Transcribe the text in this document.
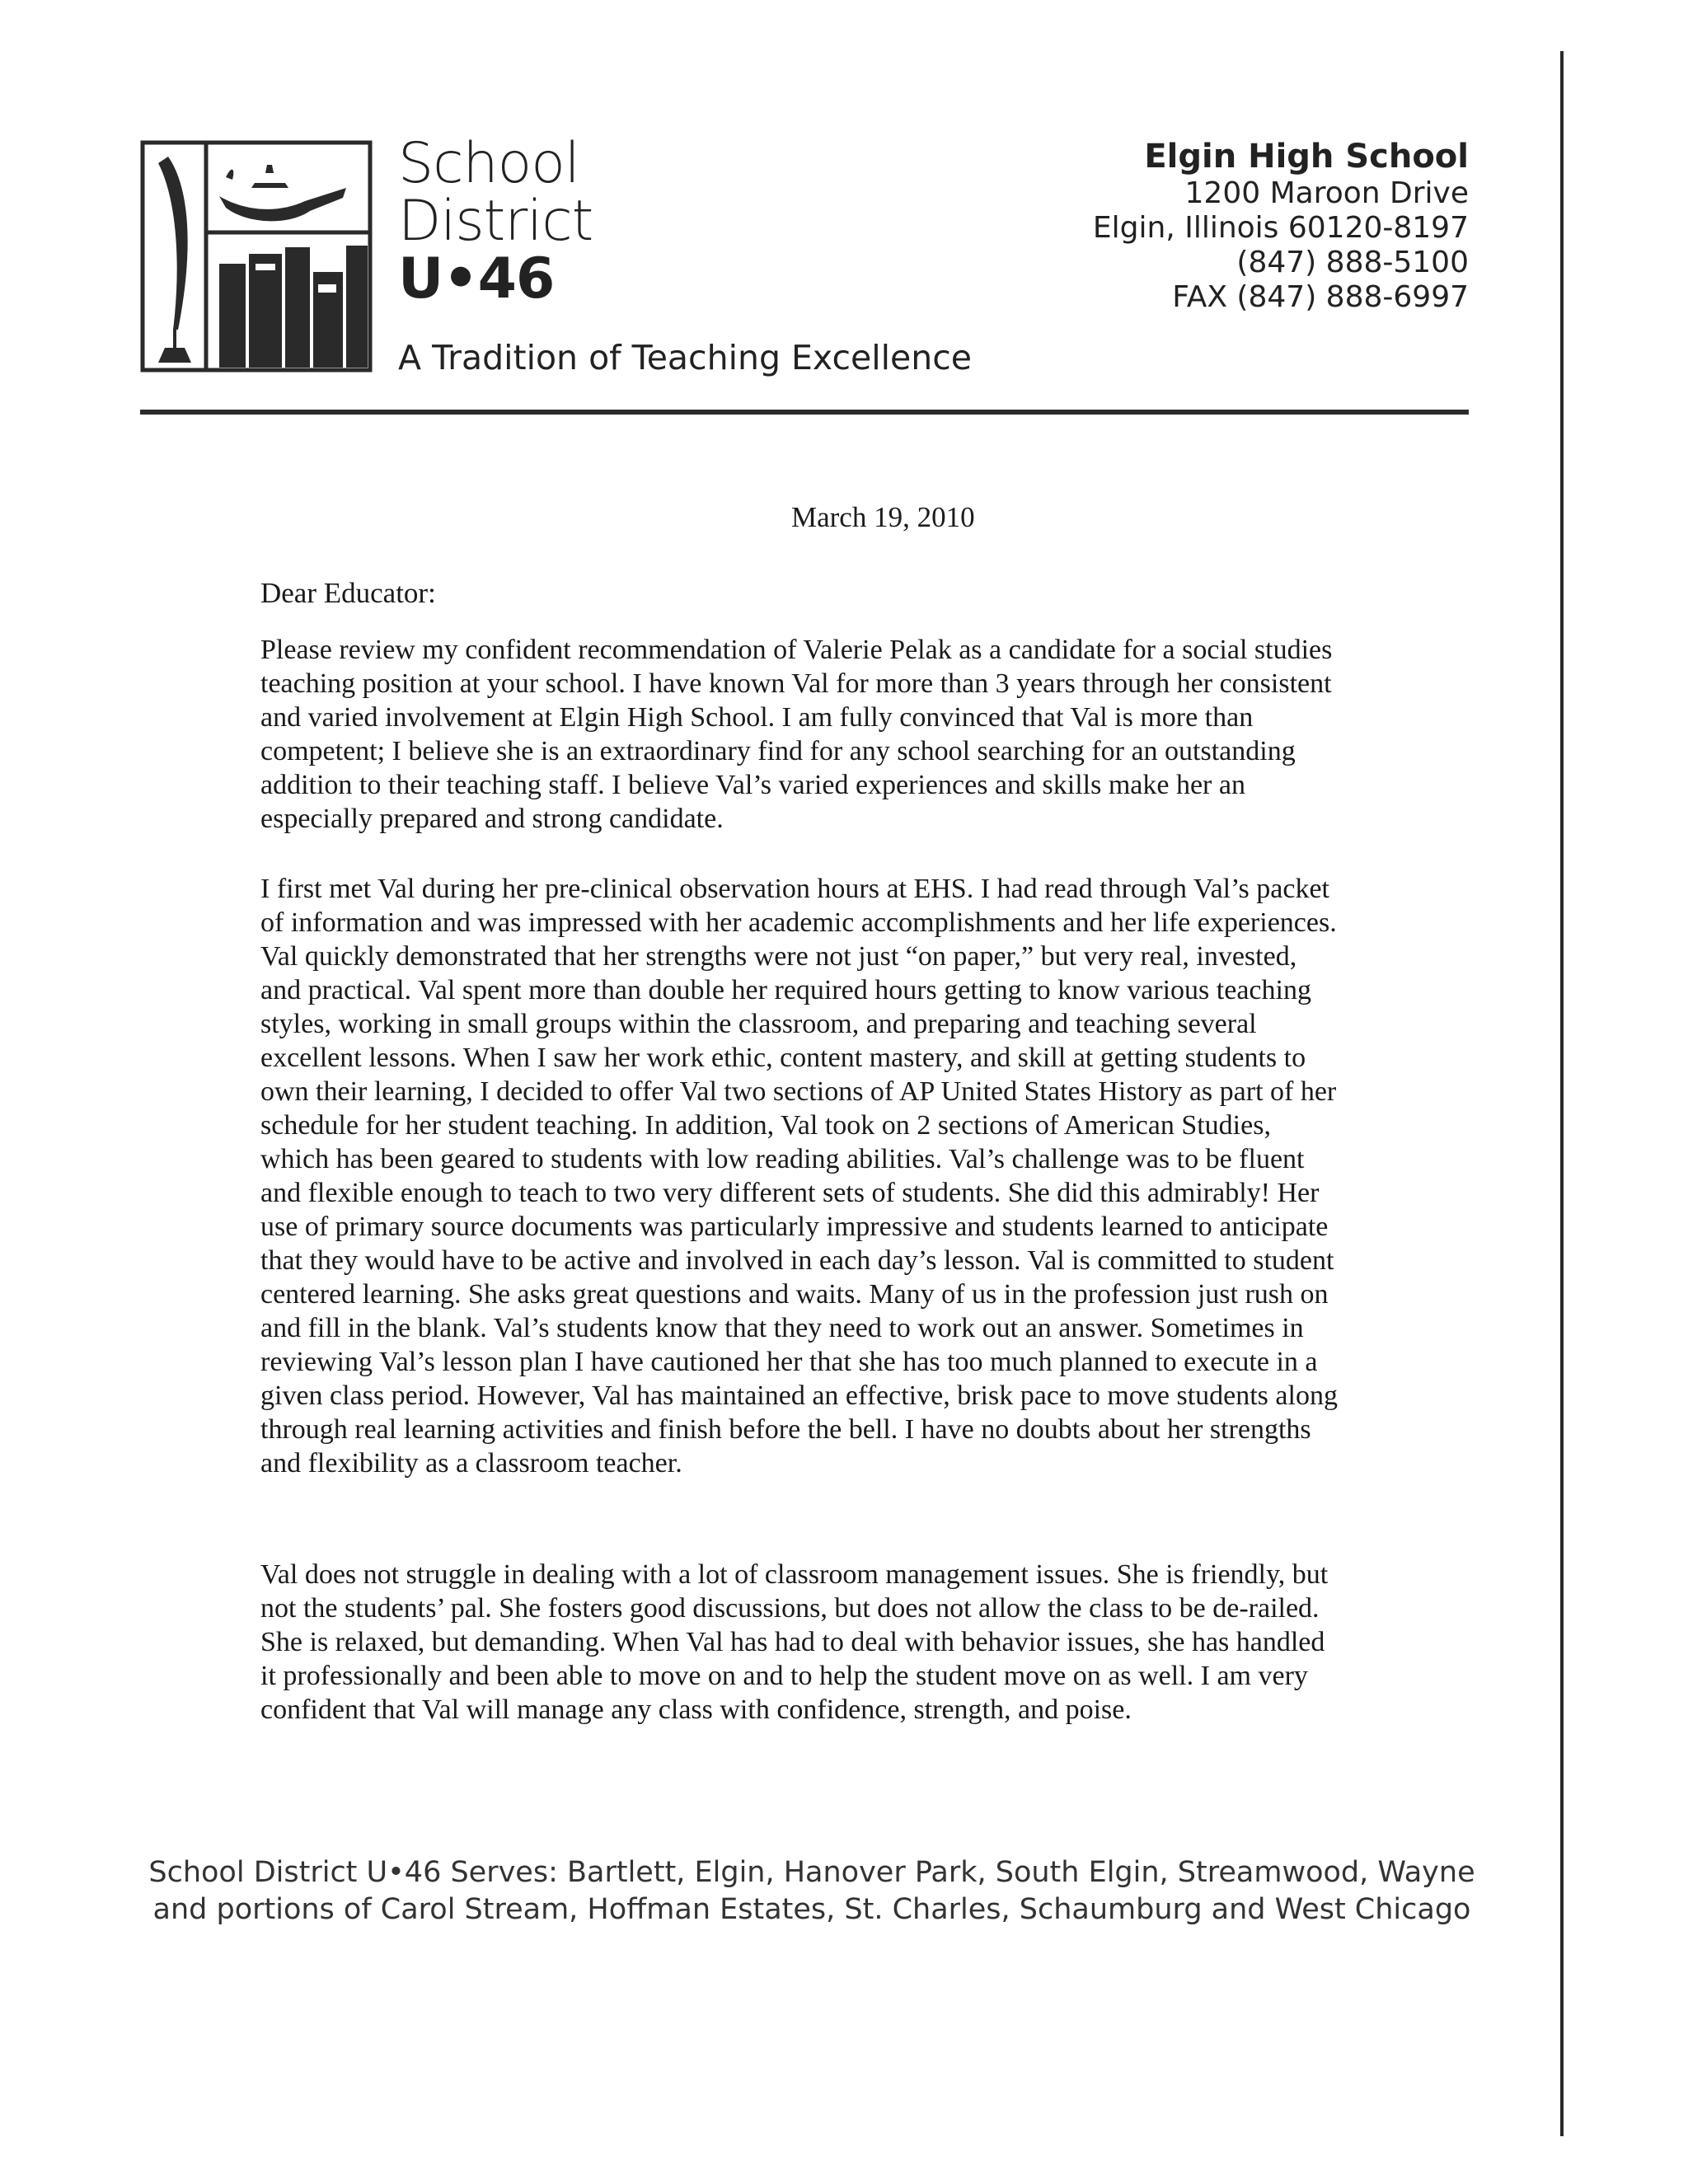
School
District
U•46
A Tradition of Teaching Excellence
Elgin High School
1200 Maroon Drive
Elgin, Illinois 60120-8197
(847) 888-5100
FAX (847) 888-6997
March 19, 2010
Dear Educator:
Please review my confident recommendation of Valerie Pelak as a candidate for a social studies teaching position at your school. I have known Val for more than 3 years through her consistent and varied involvement at Elgin High School. I am fully convinced that Val is more than competent; I believe she is an extraordinary find for any school searching for an outstanding addition to their teaching staff. I believe Val’s varied experiences and skills make her an especially prepared and strong candidate.
I first met Val during her pre-clinical observation hours at EHS. I had read through Val’s packet of information and was impressed with her academic accomplishments and her life experiences. Val quickly demonstrated that her strengths were not just “on paper,” but very real, invested, and practical. Val spent more than double her required hours getting to know various teaching styles, working in small groups within the classroom, and preparing and teaching several excellent lessons. When I saw her work ethic, content mastery, and skill at getting students to own their learning, I decided to offer Val two sections of AP United States History as part of her schedule for her student teaching. In addition, Val took on 2 sections of American Studies, which has been geared to students with low reading abilities. Val’s challenge was to be fluent and flexible enough to teach to two very different sets of students. She did this admirably! Her use of primary source documents was particularly impressive and students learned to anticipate that they would have to be active and involved in each day’s lesson. Val is committed to student centered learning. She asks great questions and waits. Many of us in the profession just rush on and fill in the blank. Val’s students know that they need to work out an answer. Sometimes in reviewing Val’s lesson plan I have cautioned her that she has too much planned to execute in a given class period. However, Val has maintained an effective, brisk pace to move students along through real learning activities and finish before the bell. I have no doubts about her strengths and flexibility as a classroom teacher.
Val does not struggle in dealing with a lot of classroom management issues. She is friendly, but not the students’ pal. She fosters good discussions, but does not allow the class to be de-railed. She is relaxed, but demanding. When Val has had to deal with behavior issues, she has handled it professionally and been able to move on and to help the student move on as well. I am very confident that Val will manage any class with confidence, strength, and poise.
School District U•46 Serves: Bartlett, Elgin, Hanover Park, South Elgin, Streamwood, Wayne
and portions of Carol Stream, Hoffman Estates, St. Charles, Schaumburg and West Chicago
